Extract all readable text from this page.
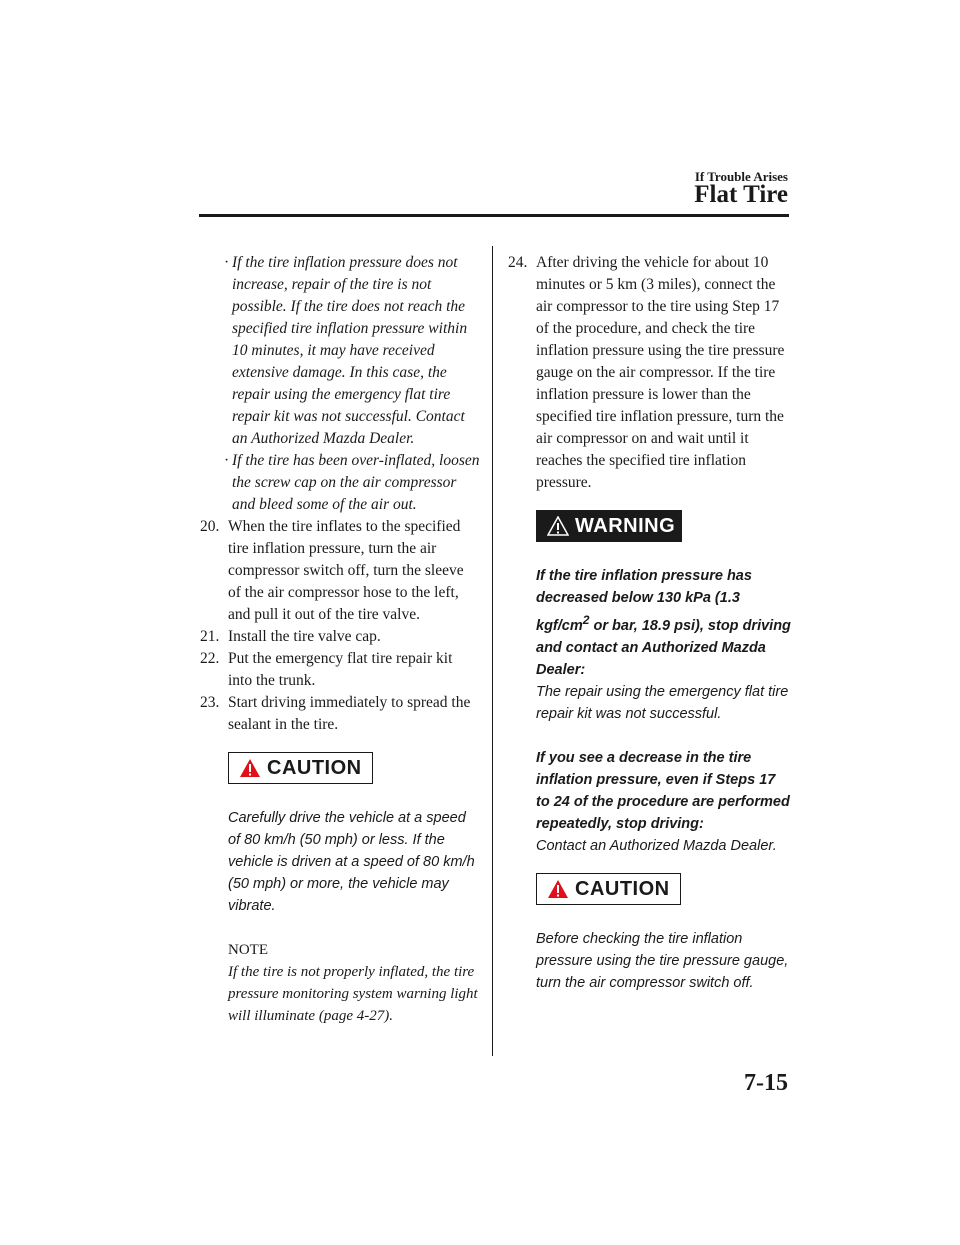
If Trouble Arises
Flat Tire

· If the tire inflation pressure does not increase, repair of the tire is not possible. If the tire does not reach the specified tire inflation pressure within 10 minutes, it may have received extensive damage. In this case, the repair using the emergency flat tire repair kit was not successful. Contact an Authorized Mazda Dealer.

· If the tire has been over-inflated, loosen the screw cap on the air compressor and bleed some of the air out.

20. When the tire inflates to the specified tire inflation pressure, turn the air compressor switch off, turn the sleeve of the air compressor hose to the left, and pull it out of the tire valve.

21. Install the tire valve cap.

22. Put the emergency flat tire repair kit into the trunk.

23. Start driving immediately to spread the sealant in the tire.

CAUTION
Carefully drive the vehicle at a speed of 80 km/h (50 mph) or less. If the vehicle is driven at a speed of 80 km/h (50 mph) or more, the vehicle may vibrate.
NOTE
If the tire is not properly inflated, the tire pressure monitoring system warning light will illuminate (page 4-27).

24. After driving the vehicle for about 10 minutes or 5 km (3 miles), connect the air compressor to the tire using Step 17 of the procedure, and check the tire inflation pressure using the tire pressure gauge on the air compressor. If the tire inflation pressure is lower than the specified tire inflation pressure, turn the air compressor on and wait until it reaches the specified tire inflation pressure.

WARNING
If the tire inflation pressure has decreased below 130 kPa (1.3 kgf/$cm^2$ or bar, 18.9 psi), stop driving and contact an Authorized Mazda Dealer:
The repair using the emergency flat tire repair kit was not successful.
If you see a decrease in the tire inflation pressure, even if Steps 17 to 24 of the procedure are performed repeatedly, stop driving:
Contact an Authorized Mazda Dealer.
CAUTION
Before checking the tire inflation pressure using the tire pressure gauge, turn the air compressor switch off.
7-15
